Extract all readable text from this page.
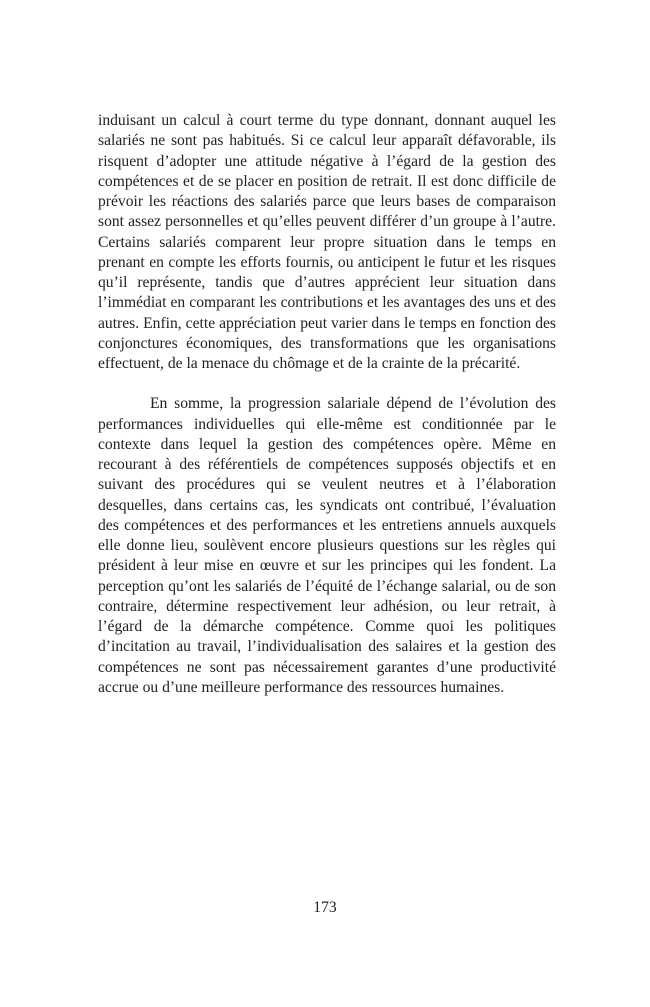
induisant un calcul à court terme du type donnant, donnant auquel les salariés ne sont pas habitués. Si ce calcul leur apparaît défavorable, ils risquent d’adopter une attitude négative à l’égard de la gestion des compétences et de se placer en position de retrait. Il est donc difficile de prévoir les réactions des salariés parce que leurs bases de comparaison sont assez personnelles et qu’elles peuvent différer d’un groupe à l’autre. Certains salariés comparent leur propre situation dans le temps en prenant en compte les efforts fournis, ou anticipent le futur et les risques qu’il représente, tandis que d’autres apprécient leur situation dans l’immédiat en comparant les contributions et les avantages des uns et des autres. Enfin, cette appréciation peut varier dans le temps en fonction des conjonctures économiques, des transformations que les organisations effectuent, de la menace du chômage et de la crainte de la précarité.

En somme, la progression salariale dépend de l’évolution des performances individuelles qui elle-même est conditionnée par le contexte dans lequel la gestion des compétences opère. Même en recourant à des référentiels de compétences supposés objectifs et en suivant des procédures qui se veulent neutres et à l’élaboration desquelles, dans certains cas, les syndicats ont contribué, l’évaluation des compétences et des performances et les entretiens annuels auxquels elle donne lieu, soulèvent encore plusieurs questions sur les règles qui président à leur mise en œuvre et sur les principes qui les fondent. La perception qu’ont les salariés de l’équité de l’échange salarial, ou de son contraire, détermine respectivement leur adhésion, ou leur retrait, à l’égard de la démarche compétence. Comme quoi les politiques d’incitation au travail, l’individualisation des salaires et la gestion des compétences ne sont pas nécessairement garantes d’une productivité accrue ou d’une meilleure performance des ressources humaines.

173
